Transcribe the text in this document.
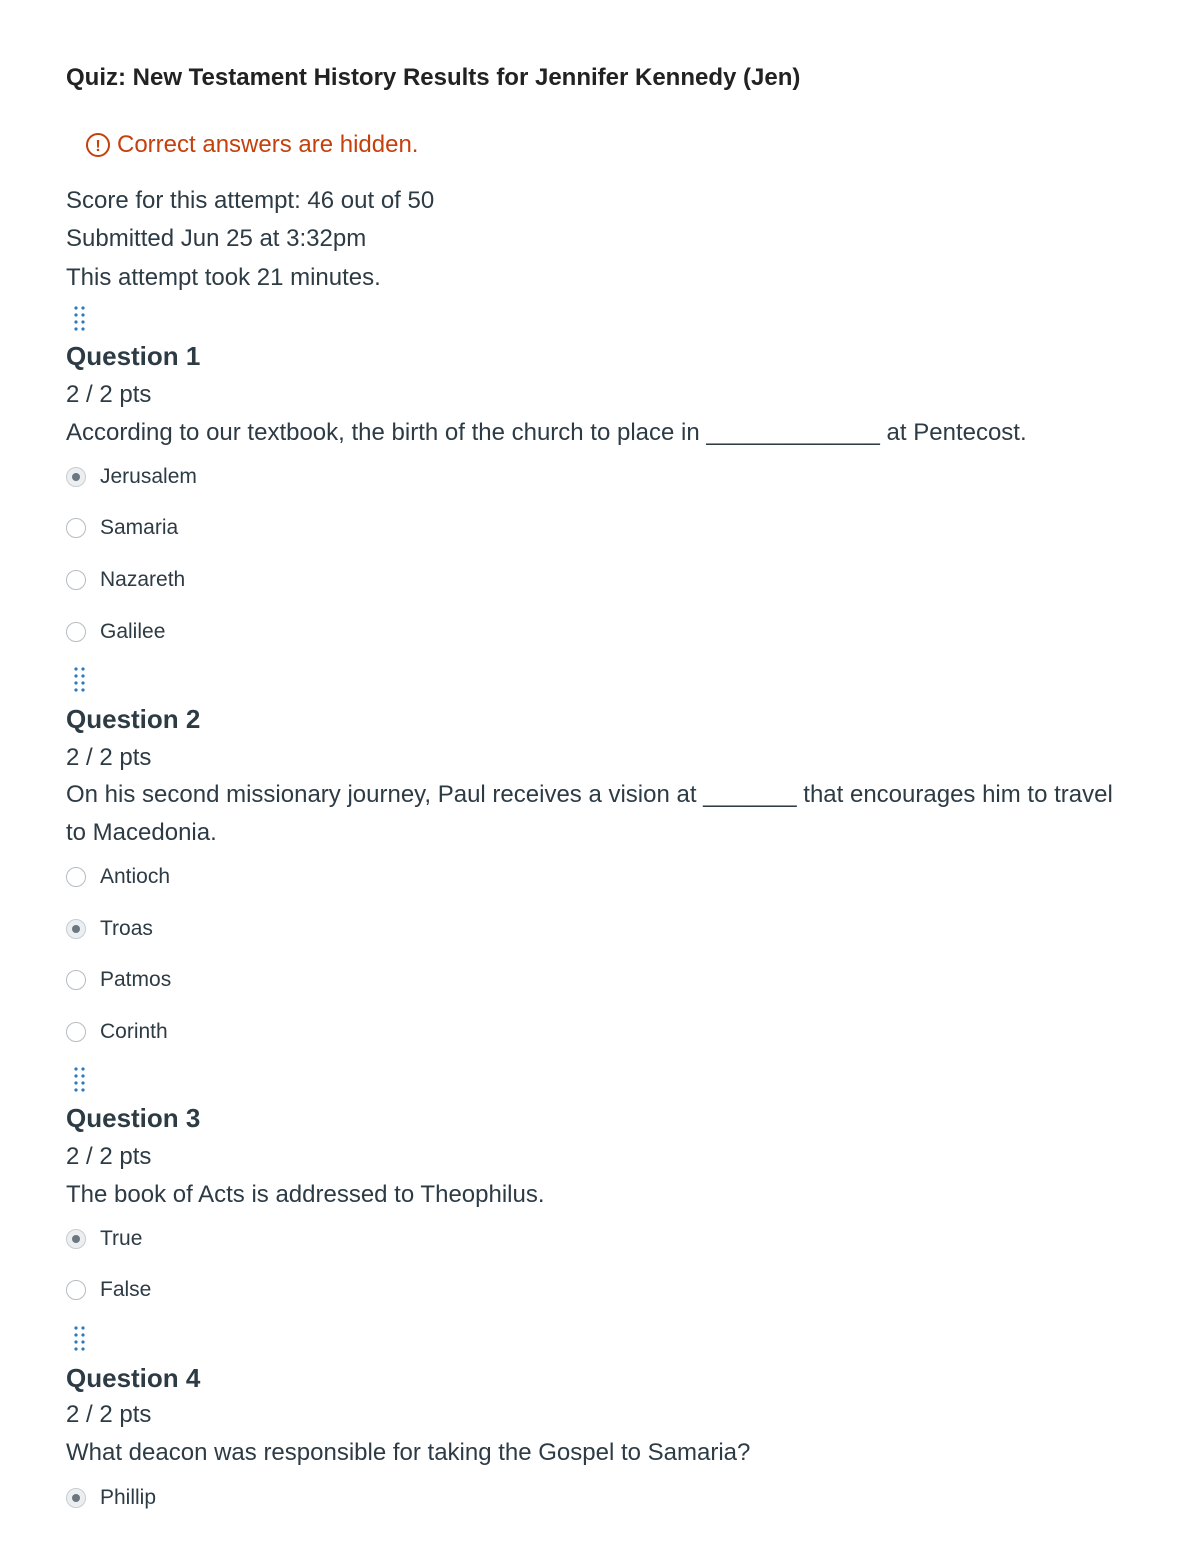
Quiz: New Testament History Results for Jennifer Kennedy (Jen)
! Correct answers are hidden.
Score for this attempt: 46 out of 50
Submitted Jun 25 at 3:32pm
This attempt took 21 minutes.
Question 1
2 / 2 pts
According to our textbook, the birth of the church to place in _____________ at Pentecost.
Jerusalem
Samaria
Nazareth
Galilee
Question 2
2 / 2 pts
On his second missionary journey, Paul receives a vision at _______ that encourages him to travel to Macedonia.
Antioch
Troas
Patmos
Corinth
Question 3
2 / 2 pts
The book of Acts is addressed to Theophilus.
True
False
Question 4
2 / 2 pts
What deacon was responsible for taking the Gospel to Samaria?
Phillip
